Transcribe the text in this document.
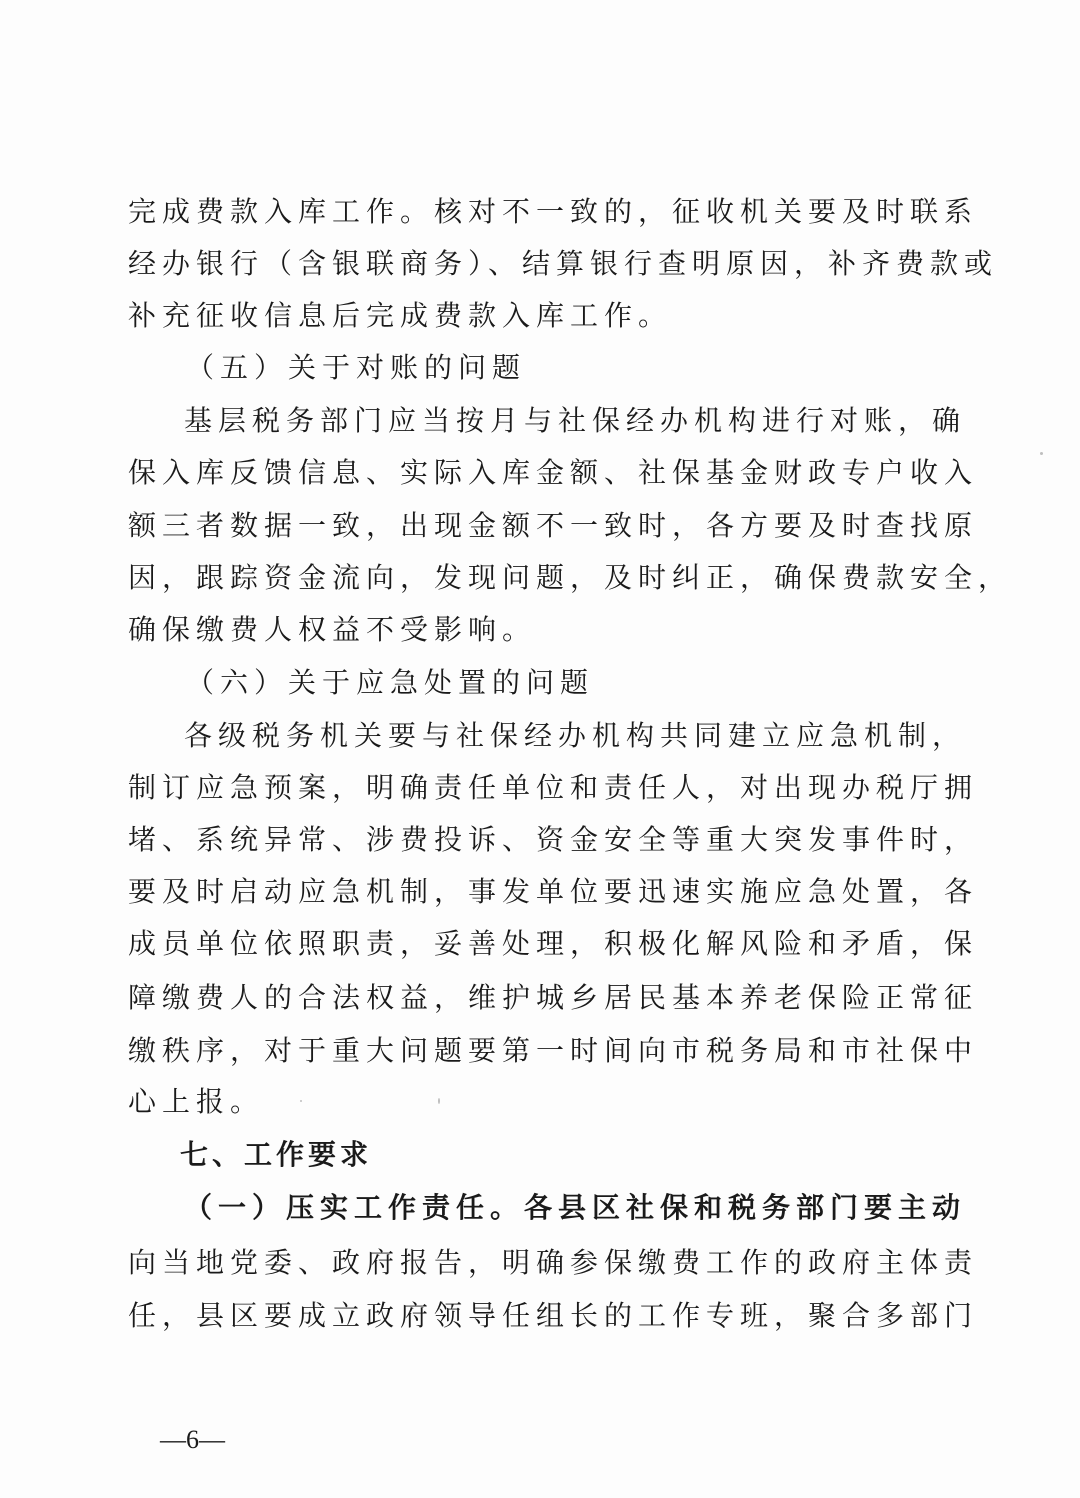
完成费款入库工作。核对不一致的，征收机关要及时联系
经办银行（含银联商务）、结算银行查明原因，补齐费款或
补充征收信息后完成费款入库工作。
（五）关于对账的问题
基层税务部门应当按月与社保经办机构进行对账，确
保入库反馈信息、实际入库金额、社保基金财政专户收入
额三者数据一致，出现金额不一致时，各方要及时查找原
因，跟踪资金流向，发现问题，及时纠正，确保费款安全，
确保缴费人权益不受影响。
（六）关于应急处置的问题
各级税务机关要与社保经办机构共同建立应急机制，
制订应急预案，明确责任单位和责任人，对出现办税厅拥
堵、系统异常、涉费投诉、资金安全等重大突发事件时，
要及时启动应急机制，事发单位要迅速实施应急处置，各
成员单位依照职责，妥善处理，积极化解风险和矛盾，保
障缴费人的合法权益，维护城乡居民基本养老保险正常征
缴秩序，对于重大问题要第一时间向市税务局和市社保中
心上报。
七、工作要求
（一）压实工作责任。各县区社保和税务部门要主动
向当地党委、政府报告，明确参保缴费工作的政府主体责
任，县区要成立政府领导任组长的工作专班，聚合多部门
—6—
